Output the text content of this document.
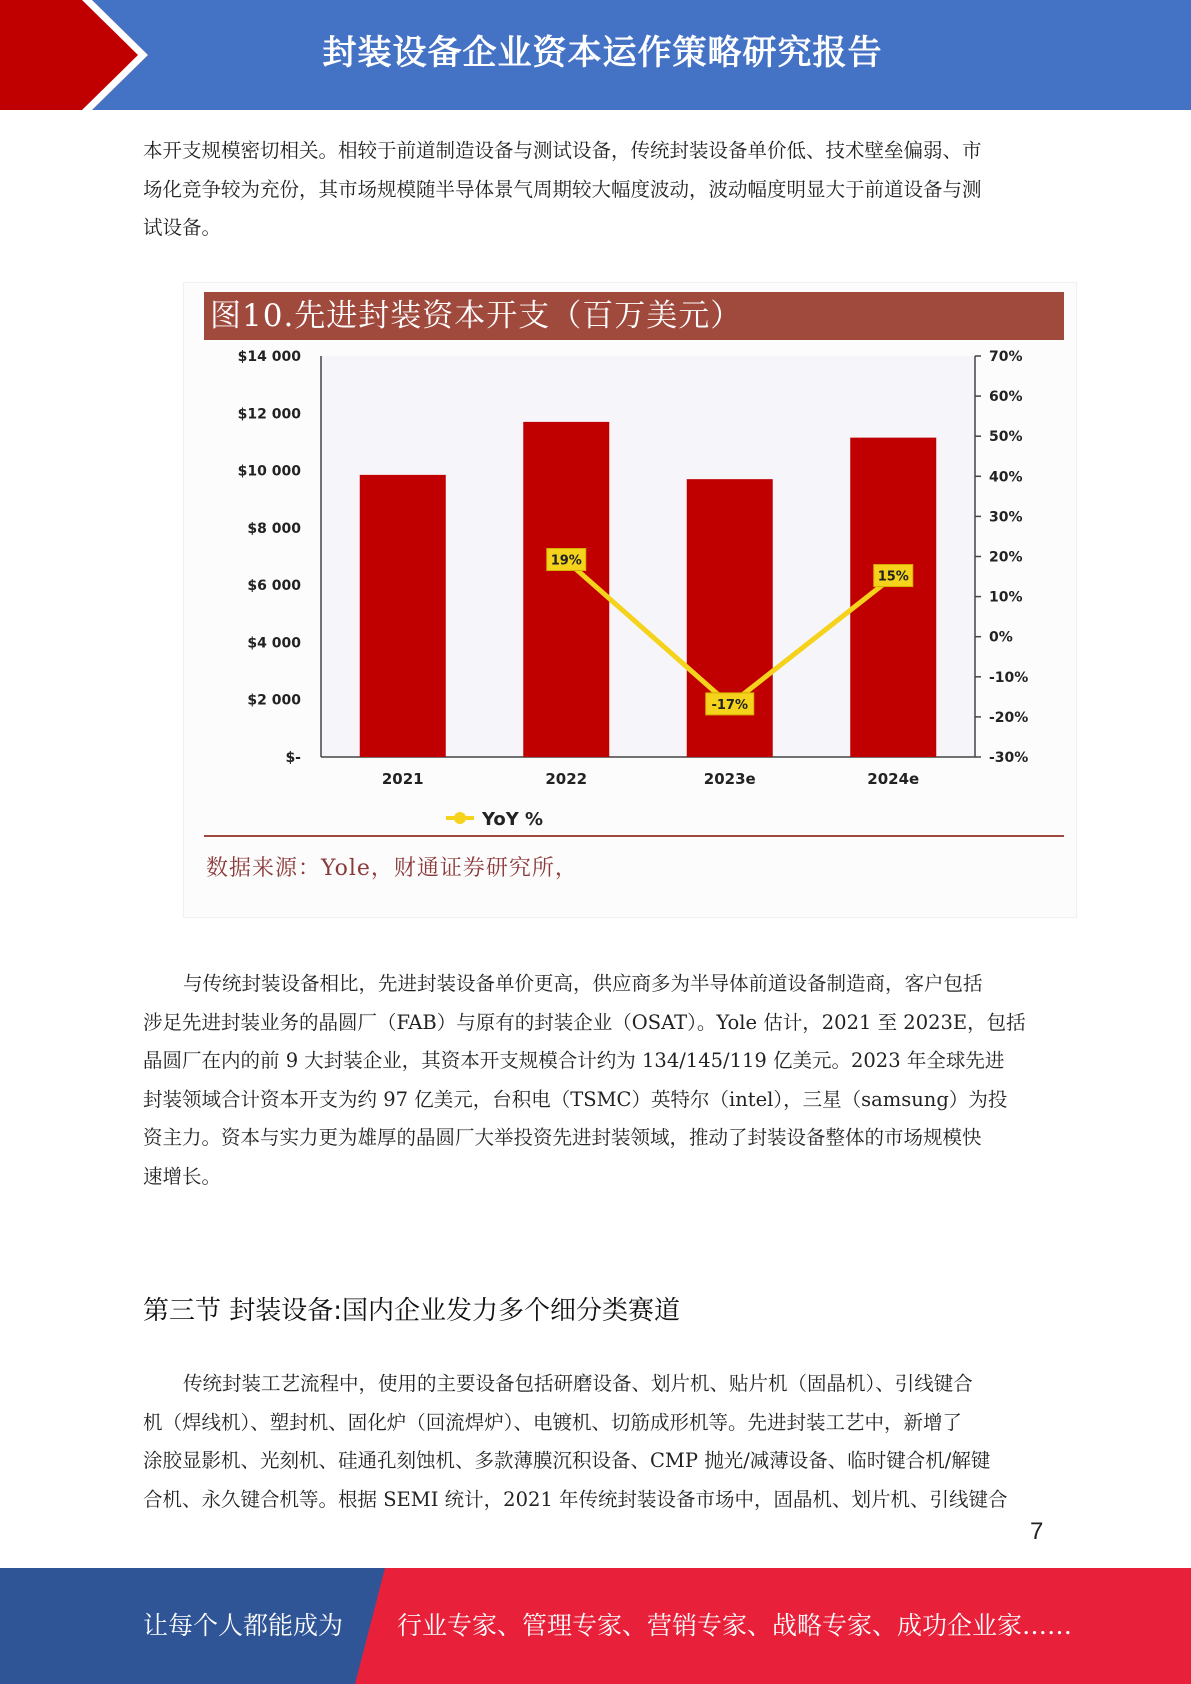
封装设备企业资本运作策略研究报告
本开支规模密切相关。相较于前道制造设备与测试设备，传统封装设备单价低、技术壁垒偏弱、市
场化竞争较为充份，其市场规模随半导体景气周期较大幅度波动，波动幅度明显大于前道设备与测
试设备。
图10.先进封装资本开支（百万美元）
$-
$2 000
$4 000
$6 000
$8 000
$10 000
$12 000
$14 000
-30%
-20%
-10%
0%
10%
20%
30%
40%
50%
60%
70%
2021	2022	2023e	2024e
19%
-17%
15%
YoY %
数据来源：Yole，财通证券研究所，
与传统封装设备相比，先进封装设备单价更高，供应商多为半导体前道设备制造商，客户包括
涉足先进封装业务的晶圆厂（FAB）与原有的封装企业（OSAT）。Yole 估计，2021 至 2023E，包括
晶圆厂在内的前 9 大封装企业，其资本开支规模合计约为 134/145/119 亿美元。2023 年全球先进
封装领域合计资本开支为约 97 亿美元，台积电（TSMC）英特尔（intel），三星（samsung）为投
资主力。资本与实力更为雄厚的晶圆厂大举投资先进封装领域，推动了封装设备整体的市场规模快
速增长。
第三节 封装设备:国内企业发力多个细分类赛道
传统封装工艺流程中，使用的主要设备包括研磨设备、划片机、贴片机（固晶机）、引线键合
机（焊线机）、塑封机、固化炉（回流焊炉）、电镀机、切筋成形机等。先进封装工艺中，新增了
涂胶显影机、光刻机、硅通孔刻蚀机、多款薄膜沉积设备、CMP 抛光/减薄设备、临时键合机/解键
合机、永久键合机等。根据 SEMI 统计，2021 年传统封装设备市场中，固晶机、划片机、引线键合
7
让每个人都能成为 行业专家、管理专家、营销专家、战略专家、成功企业家……
